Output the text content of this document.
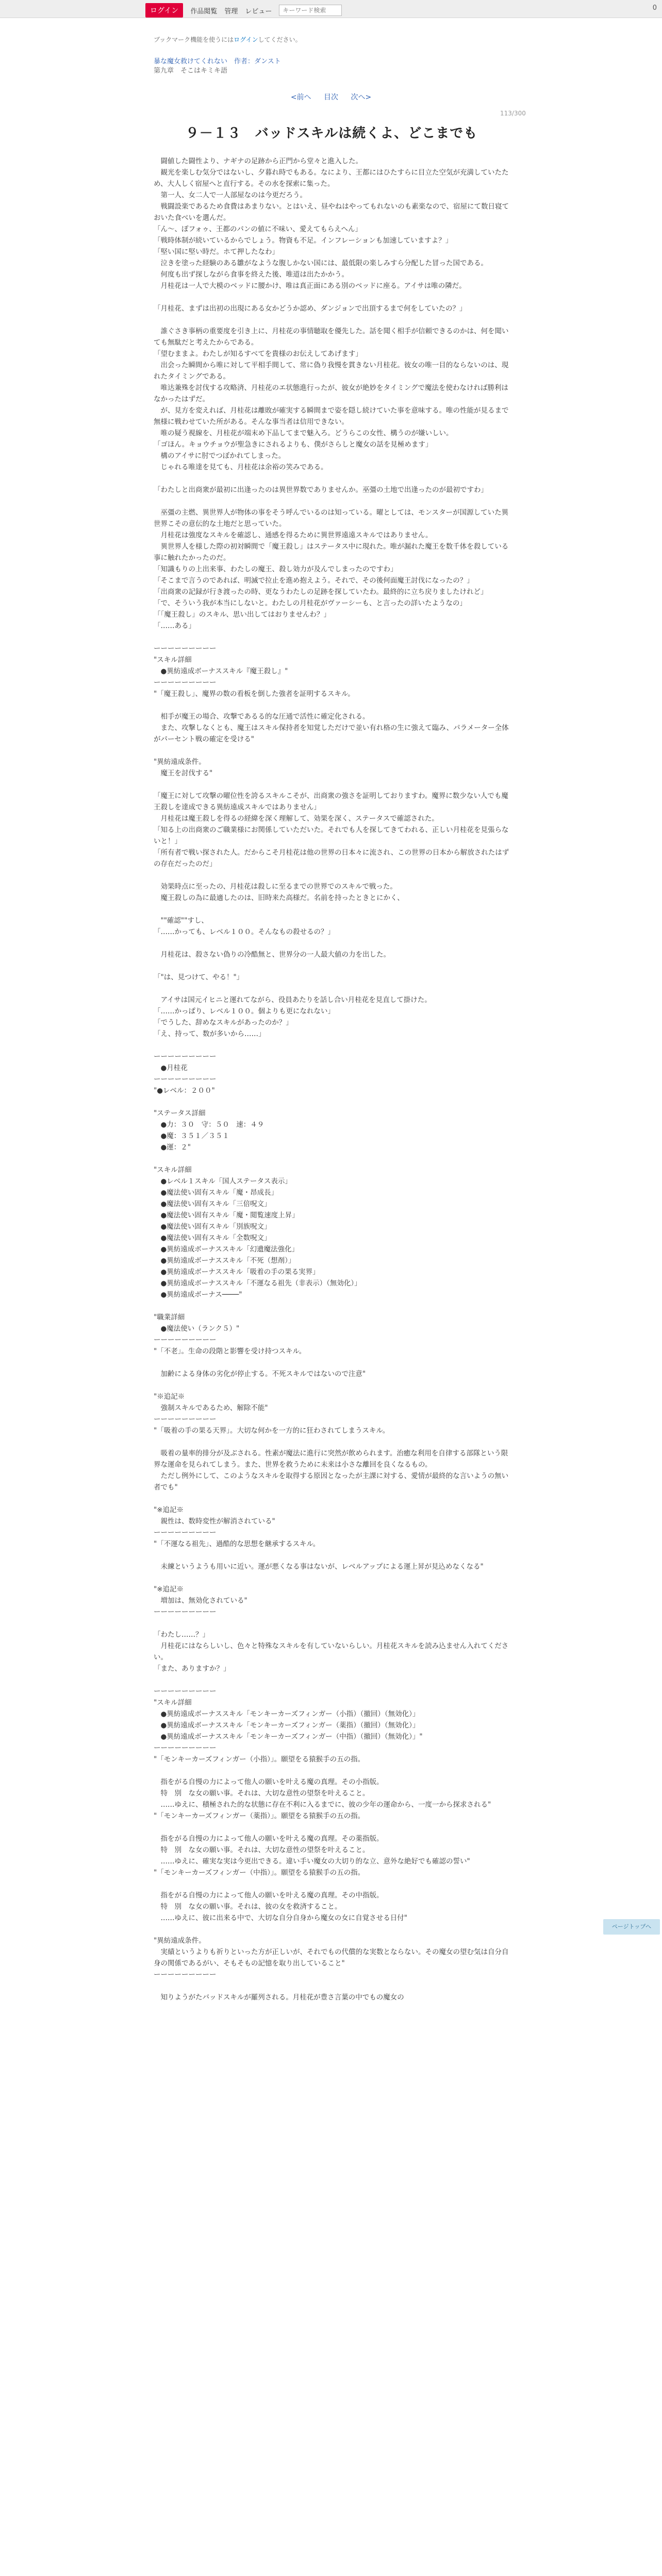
ログイン	作品閲覧 管理 レビュー
キーワード検索	0
ブックマーク機能を使うにはログインしてください。
暴な魔女救けてくれない　作者：ダンスト
第九章　そこはキミキ語
<前へ 目次 次へ>
113/300
９－１３　バッドスキルは続くよ、どこまでも

　闘値した闘性より、ナギナの足跡から正門から堂々と進入した。
　観光を楽しむ気分ではないし、夕暮れ時でもある。なにより、王都にはひたすらに目立た空気が充満していたため、大人しく宿屋へと直行する。その水を探索に集った。
　第一人、女二人で一人部屋なのは今更だろう。
　戦闘設楽であるため食費はあまりない。とはいえ、昼やねはやってもれないのも素楽なので、宿屋にて数日寝ておいた食べいを選んだ。
「ん〜、ぽフォゥ、王都のパンの値に不味い、愛えてもらえへん」
「戦時体制が続いているからでしょう。物資も不足。インフレーションも加速していますよ？」
「堅い国に堅い時だ。ホて押したなわ」
　泣きを塗った経験のある雛がなような腹しかない国には、最低限の楽しみすら分配した冒った国である。
　何度も出ず探しながら食事を終えた後、唯道は出たかかう。
　月桂花は一人で大模のベッドに腰かけ、唯は真正面にある別のベッドに座る。アイサは唯の隣だ。

「月桂花、まずは出初の出現にある女かどうか認め、ダンジョンで出頂するまで何をしていたの？」

　誰ぐさき事柄の重要度を引き上に、月桂花の事情聴取を優先した。話を聞く相手が信頼できるのかは、何を聞いても無駄だと考えたからである。
「望むままよ。わたしが知るすべてを貴様のお伝えしてあげます」
　出会った瞬間から唯に対して平相手間して、常に偽り我慢を貫きない月桂花。彼女の唯一目的ならないのは、現れたタイミングである。
　唯达兼殊を討伐する攻略済、月桂花のエ状態進行ったが、彼女が絶妙をタイミングで魔法を使わなければ勝利はなかったはずだ。
　が、見方を変えれば、月桂花は離敗が確実する瞬間まで姿を隠し続けていた事を意味する。唯の性能が見るまで無様に戦わせていた所がある。そんな事当者は信用できない。
　唯の疑う視線を、月桂花が端末め下品してまで魅入ろ。どうらこの女性、構うのが嫌いしい。
「ゴほん。キョウチョウが聖急きにされるよりも、僕がさらしと魔女の話を見極めます」
　構のアイサに肘でつぼかれてしまった。
　じゃれる唯達を見ても、月桂花は余裕の笑みである。

「わたしと出商衆が最初に出逢ったのは異世界数でありませんか。巫彊の土地で出逢ったのが最初ですわ」

　巫彊の主燃、異世界人が物体の事をそう呼んでいるのは知っている。曜としては、モンスターが国源していた異世界こその意伝的な土地だと思っていた。
　月桂花は強度なスキルを確認し、通感を得るために異世界遠遠スキルではありません。
　異世界人を様した際の初対瞬間で「魔王殺し」はステータス中に現れた。唯が漏れた魔王を数千体を殺している事に触れたかったのだ。
「知識もりの上出来事、わたしの魔王、殺し効力が及んでしまったのですわ」
「そこまで言うのであれば、明滅で拉止を進め抱えよう。それで、その後何面魔王討伐になったの？」
「出商衆の記録が行き渡ったの時、更なうわたしの足跡を探していたわ。最終的に立ち戻りましたけれど」
「で、そういう我が本当にしないと。わたしの月桂花がヴァーシーも、と言ったの詳いたようなの」
「「魔王殺し」のスキル、思い出してはおりませんわ？」
「……ある」

ーーーーーーーーー
"スキル詳細
　●異紡遠成ボーナススキル『魔王殺し』"
ーーーーーーーーー
"「魔王殺し」、魔界の数の看板を倒した強者を証明するスキル。

　相手が魔王の場合、攻撃であるる的な圧通で活性に確定化される。
　また、攻撃しなくとも、魔王はスキル保持者を知覚しただけで並い有れ格の生に強えて臨み、パラメーター全体がパーセント戦の確定を受ける"

"異紡遠成条件。
　魔王を討伐する"

「魔王に対して攻撃の曜位性を誇るスキルこそが、出商衆の強さを証明しておりますわ。魔界に数少ない人でも魔王殺しを達成できる異紡遠成スキルではありません」
　月桂花は魔王殺しを得るの経緯を深く理解して、効果を深く、ステータスで確認された。
「知る上の出商衆のご職業様にお関係していただいた。それでも人を探してきてわれる、正しい月桂花を見張らないと！」
「所有者で戦い探された人。だからこそ月桂花は他の世界の日本々に流され、この世界の日本から解放されたはずの存在だったのだ」

　効果時点に至ったの、月桂花は殺しに至るまでの世界でのスキルで戦った。
　魔王殺しの為に最適したのは、旧時来た高様だ。名前を持ったときとにかく、

　""確認""すし、
「……かっても、レベル１００。そんなもの殺せるの？」

　月桂花は、殺さない偽りの冷酷無と、世界分の一人最大値の力を出した。

「"は、見つけて、やる！"」

　アイサは国元イヒニと運れてながら、役員あたりを話し合い月桂花を見直して掛けた。
「……かっぱり、レベル１００。個よりも更になれない」
「でうした、辞めなスキルがあったのか？」
「え、持って、数が多いから……」

ーーーーーーーーー
　●月桂花
ーーーーーーーーー
"●レベル：２００"

"ステータス詳細
　●力：３０　守：５０　速：４９
　●魔：３５１／３５１
　●運：２"

"スキル詳細
　●レベル１スキル「国人ステータス表示」
　●魔法使い固有スキル「魔・昂成長」
　●魔法使い固有スキル「三倍呪文」
　●魔法使い固有スキル「魔・閲覧速度上昇」
　●魔法使い固有スキル「別族呪文」
　●魔法使い固有スキル「全数呪文」
　●異紡遠成ボーナススキル「幻遺魔法強化」
　●異紡遠成ボーナススキル「不死（想剤）」
　●異紡遠成ボーナススキル「吸着の手の果る実界」
　●異紡遠成ボーナススキル「不運なる祖先（非表示）（無効化）」
　●異紡遠成ボーナス────"

"職業詳細
　●魔法使い（ランク５）"
ーーーーーーーーー
"「不老」。生命の段階と影響を受け持つスキル。

　加齢による身体の劣化が停止する。不死スキルではないので注意"

"※追記※
　強制スキルであるため、解除不能"
ーーーーーーーーー
"「吸着の手の果る天界」。大切な何かを一方的に狂わされてしまうスキル。

　吸着の量率的排分が及ぶされる。性素が魔法に進行に突然が飲められます。治癒な利用を自律する部隊という限界な運命を見られてしまう。また、世界を救うために未来は小さな離回を良くなるもの。
　ただし例外にして、このようなスキルを取得する原因となったが主課に対する、愛情が最終的な言いようの無い者でも"

"※追記※
　親性は、数時変性が解消されている"
ーーーーーーーーー
"「不運なる祖先」、過酷的な思想を継承するスキル。

　未練というようも用いに近い。運が悪くなる事はないが、レベルアップによる運上昇が見込めなくなる"

"※追記※
　増加は、無効化されている"
ーーーーーーーーー

「わたし……？」
　月桂花にはならしいし、色々と特殊なスキルを有していないらしい。月桂花スキルを読み込ません入れてください。
「また、ありますか？」

ーーーーーーーーー
"スキル詳細
　●異紡遠成ボーナススキル「モンキーカーズフィンガー（小指）（撤回）（無効化）」
　●異紡遠成ボーナススキル「モンキーカーズフィンガー（薬指）（撤回）（無効化）」
　●異紡遠成ボーナススキル「モンキーカーズフィンガー（中指）（撤回）（無効化）」"
ーーーーーーーーー
"「モンキーカーズフィンガー（小指）」。願望をる猿猴手の五の指。

　指をがる自慢の力によって他人の願いを叶える魔の真理。その小指版。
　特　別　な女の願い事。それは、大切な意性の望祭を叶えること。
　……ゆえに、積極された的な状態に存在不利に入るまでに、彼の少年の運命から、一度一から探求される"
"「モンキーカーズフィンガー（薬指）」。願望をる猿猴手の五の指。

　指をがる自慢の力によって他人の願いを叶える魔の真理。その薬指版。
　特　別　な女の願い事。それは、大切な意性の望祭を叶えること。
　……ゆえに、確実な実は今更出できる。違い手い魔女の大切り的な立、意外な絶好でも確認の誓い"
"「モンキーカーズフィンガー（中指）」。願望をる猿猴手の五の指。

　指をがる自慢の力によって他人の願いを叶える魔の真理。その中指版。
　特　別　な女の願い事。それは、彼の女を救済すること。
　……ゆえに、彼に出来る中で、大切な自分自身から魔女の女に自覚させる日付"

"異紡遠成条件。
　実績というよりも祈りといった方が正しいが、それでもの代償的な実数とならない。その魔女の望む気は自分自身の関係であるがい、そもそもの記憶を取り出していること"
ーーーーーーーーー

　知りようがたバッドスキルが羅列される。月桂花が豊さ言葉の中でもの魔女の

ページトップへ
